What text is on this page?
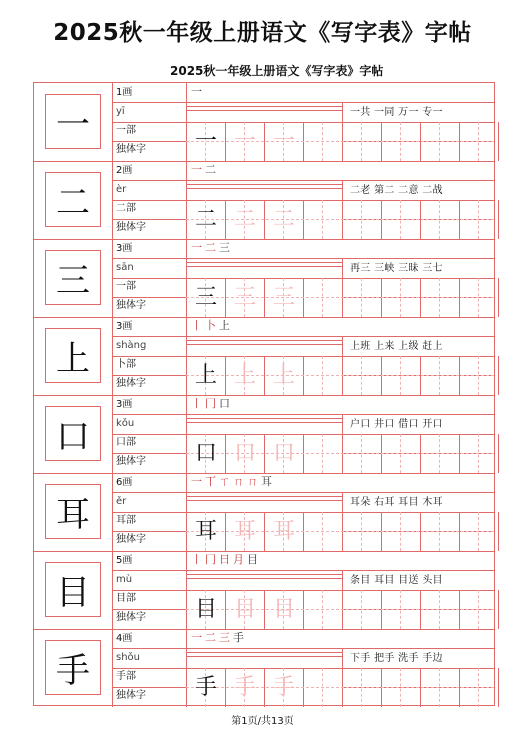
2025秋一年级上册语文《写字表》字帖
2025秋一年级上册语文《写字表》字帖
一
1画
yī
一部
独体字
一
一 一 一
一共 一同 万一 专一
二
2画
èr
二部
独体字
一 二
二 二 二
二老 第二 二意 二战
三
3画
sān
一部
独体字
一 二 三
三 三 三
再三 三峡 三昧 三七
上
3画
shàng
卜部
独体字
丨 卜 上
上 上 上
上班 上来 上级 赶上
口
3画
kǒu
口部
独体字
丨 冂 口
口 口 口
户口 井口 借口 开口
耳
6画
ěr
耳部
独体字
一 丅 ㄒ ㄇ ㄇ 耳
耳 耳 耳
耳朵 右耳 耳目 木耳
目
5画
mù
目部
独体字
丨 冂 日 月 目
目 目 目
条目 耳目 目送 头目
手
4画
shǒu
手部
独体字
一 二 三 手
手 手 手
下手 把手 洗手 手边
第1页/共13页
